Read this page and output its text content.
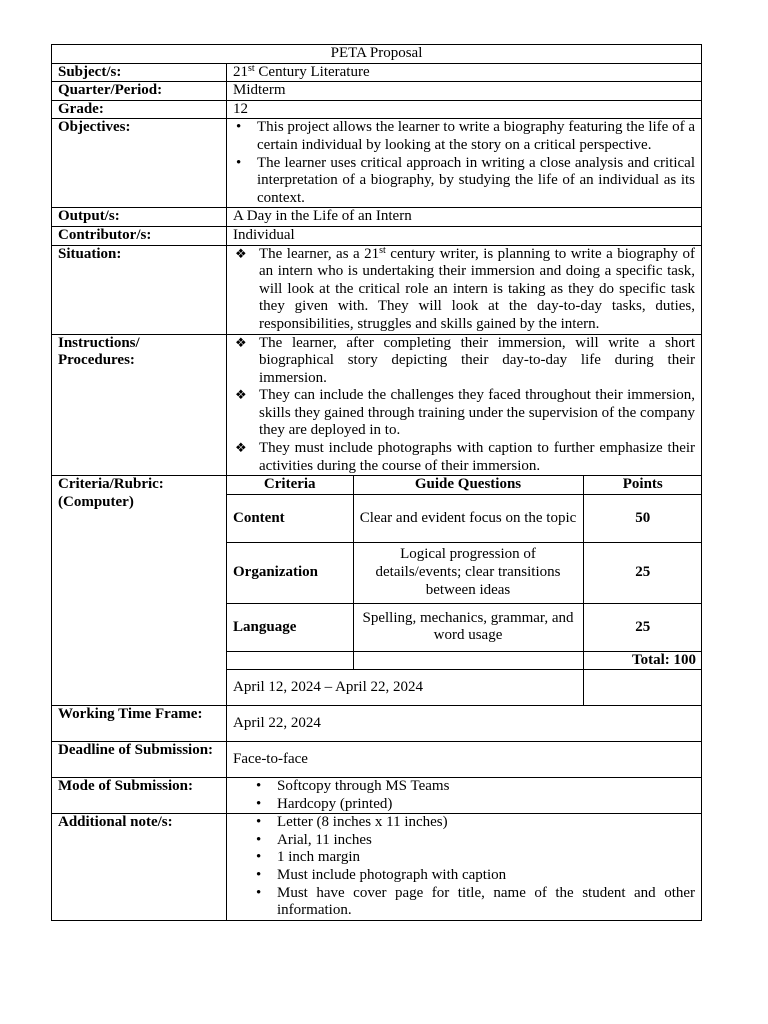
PETA Proposal
Subject/s:	21st Century Literature
Quarter/Period:	Midterm
Grade:	12
Objectives:	
•This project allows the learner to write a biography featuring the life of a certain individual by looking at the story on a critical perspective.
• The learner uses critical approach in writing a close analysis and critical interpretation of a biography, by studying the life of an individual as its context.

Output/s:	A Day in the Life of an Intern
Contributor/s:	Individual
Situation:	
❖The learner, as a 21st century writer, is planning to write a biography of an intern who is undertaking their immersion and doing a specific task, will look at the critical role an intern is taking as they do specific task they given with. They will look at the day-to-day tasks, duties, responsibilities, struggles and skills gained by the intern.

Instructions/
Procedures:

❖ The learner, after completing their immersion, will write a short biographical story depicting their day-to-day life during their immersion.
❖ They can include the challenges they faced throughout their immersion, skills they gained through training under the supervision of the company they are deployed in to.
❖ They must include photographs with caption to further emphasize their activities during the course of their immersion.

Criteria/Rubric:
(Computer)

Criteria	Guide Questions	Points
Content	Clear and evident focus on the topic	50
Organization	Logical progression of details/events; clear transitions between ideas	25
Language	Spelling, mechanics, grammar, and word usage	25
		Total: 100
April 12, 2024 – April 22, 2024	

Working Time Frame:	April 22, 2024
Deadline of Submission:	Face-to-face
Mode of Submission:	
•Softcopy through MS Teams
• Hardcopy (printed)

Additional note/s:	
•Letter (8 inches x 11 inches)
• Arial, 11 inches
• 1 inch margin
• Must include photograph with caption
• Must have cover page for title, name of the student and other information.
